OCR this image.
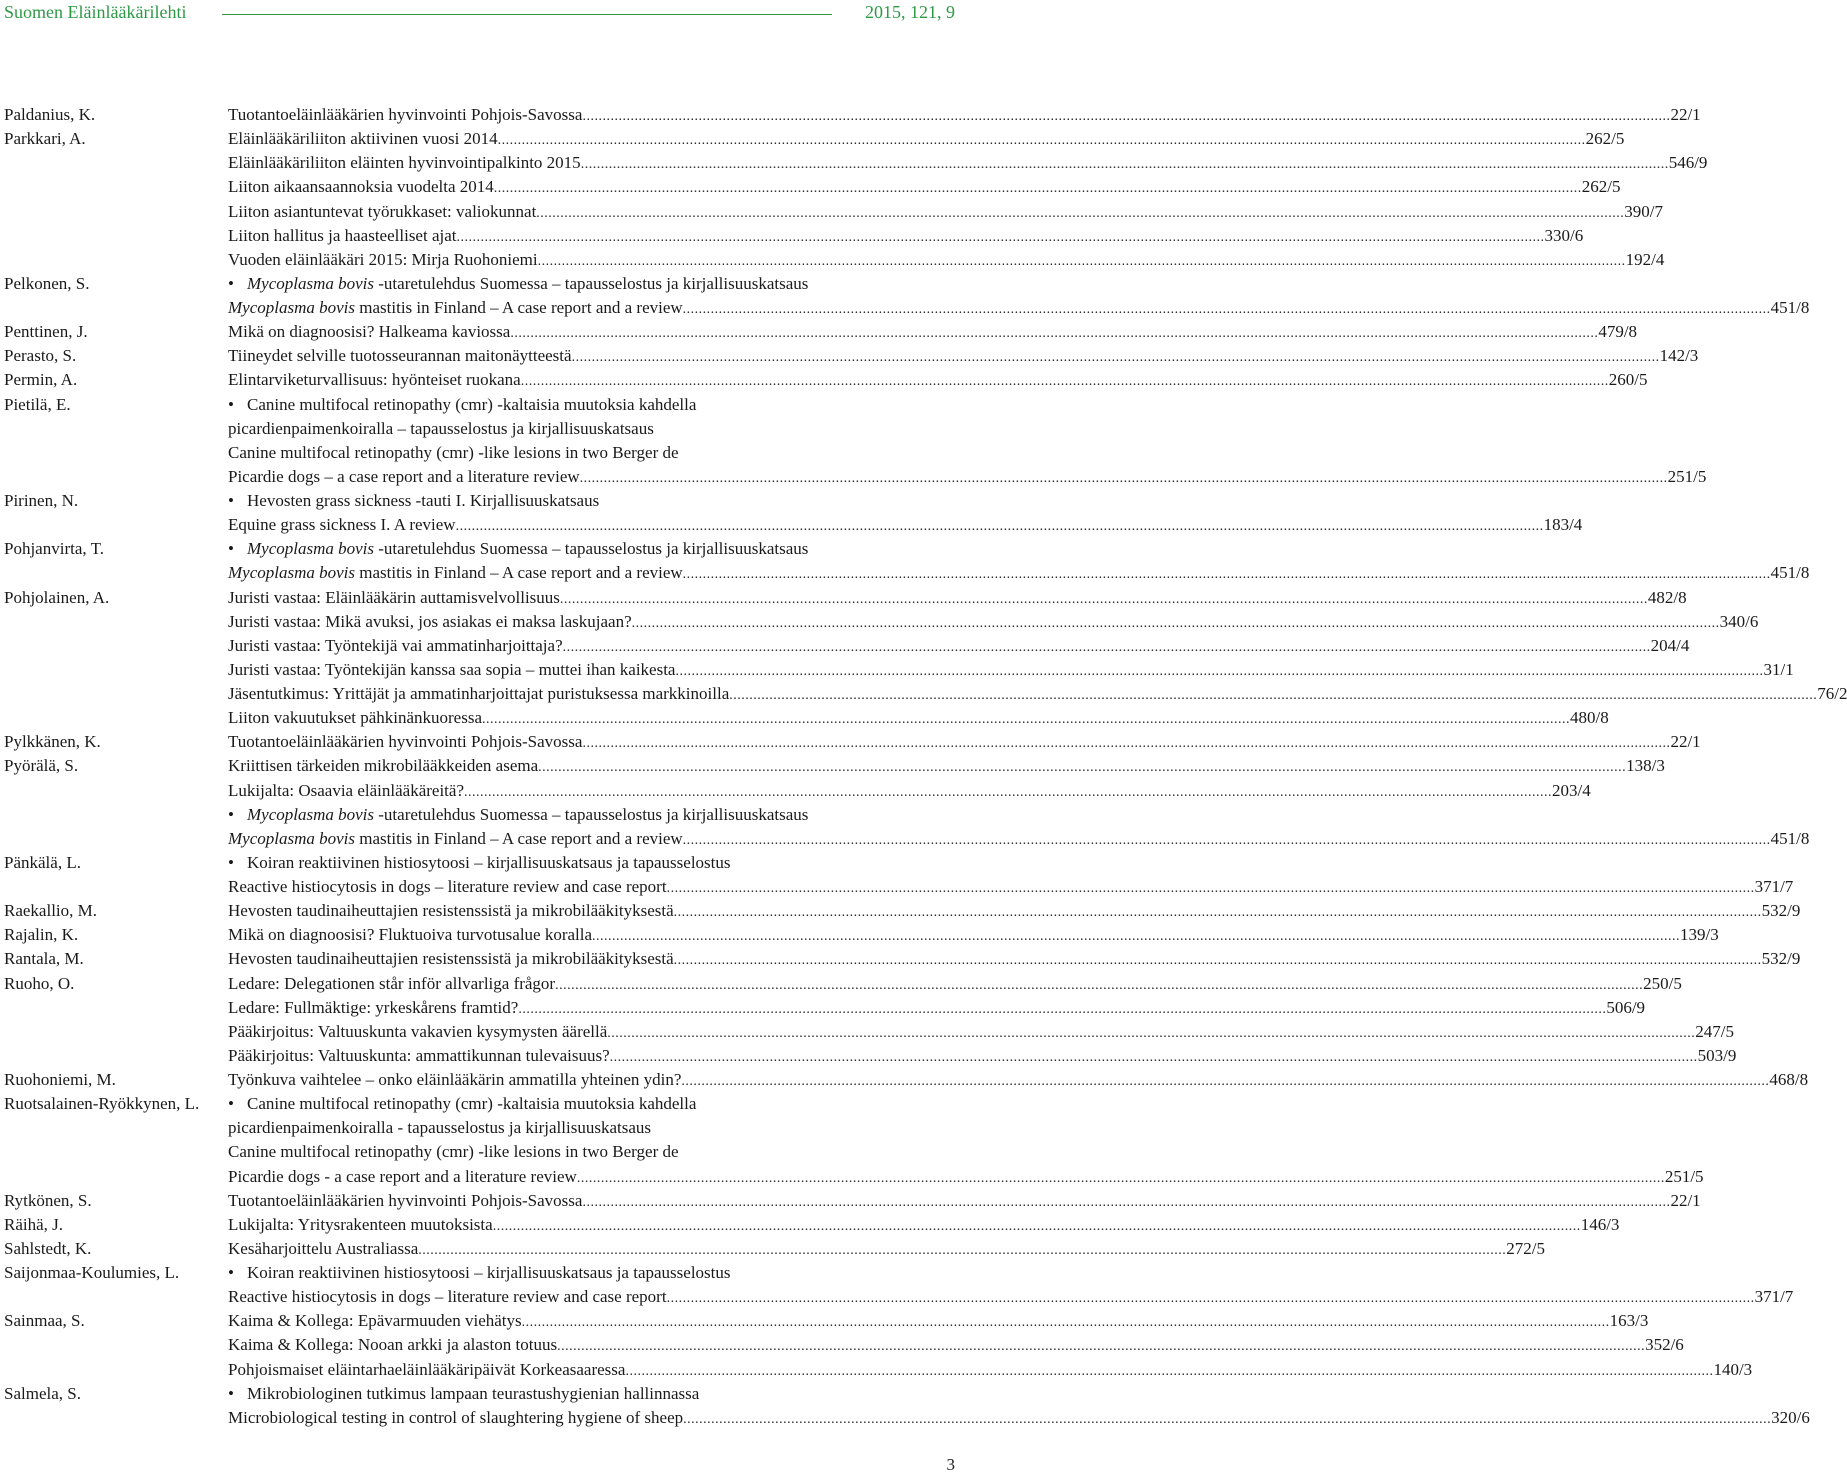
Suomen Eläinlääkärilehti	2015, 121, 9
Paldanius, K.	Tuotantoeläinlääkärien hyvinvointi Pohjois-Savossa .....	22/1
Parkkari, A.	Eläinlääkäriliiton aktiivinen vuosi 2014 .....	262/5
Eläinlääkäriliiton eläinten hyvinvointipalkinto 2015 .....	546/9
Liiton aikaansaannoksia vuodelta 2014 .....	262/5
Liiton asiantuntevat työrukkaset: valiokunnat .....	390/7
Liiton hallitus ja haasteelliset ajat .....	330/6
Vuoden eläinlääkäri 2015: Mirja Ruohoniemi .....	192/4
Pelkonen, S.	• Mycoplasma bovis -utaretulehdus Suomessa – tapausselostus ja kirjallisuuskatsaus
Mycoplasma bovis mastitis in Finland – A case report and a review .....	451/8
Penttinen, J.	Mikä on diagnoosisi? Halkeama kaviossa .....	479/8
Perasto, S.	Tiineydet selville tuotosseurannan maitonäytteestä .....	142/3
Permin, A.	Elintarviketurvallisuus: hyönteiset ruokana .....	260/5
Pietilä, E.	• Canine multifocal retinopathy (cmr) -kaltaisia muutoksia kahdella
picardienpaimenkoiralla – tapausselostus ja kirjallisuuskatsaus
Canine multifocal retinopathy (cmr) -like lesions in two Berger de
Picardie dogs – a case report and a literature review .....	251/5
Pirinen, N.	• Hevosten grass sickness -tauti I. Kirjallisuuskatsaus
Equine grass sickness I. A review .....	183/4
Pohjanvirta, T.	• Mycoplasma bovis -utaretulehdus Suomessa – tapausselostus ja kirjallisuuskatsaus
Mycoplasma bovis mastitis in Finland – A case report and a review .....	451/8
Pohjolainen, A.	Juristi vastaa: Eläinlääkärin auttamisvelvollisuus .....	482/8
Juristi vastaa: Mikä avuksi, jos asiakas ei maksa laskujaan? .....	340/6
Juristi vastaa: Työntekijä vai ammatinharjoittaja? .....	204/4
Juristi vastaa: Työntekijän kanssa saa sopia – muttei ihan kaikesta .....	31/1
Jäsentutkimus: Yrittäjät ja ammatinharjoittajat puristuksessa markkinoilla .....	76/2
Liiton vakuutukset pähkinänkuoressa .....	480/8
Pylkkänen, K.	Tuotantoeläinlääkärien hyvinvointi Pohjois-Savossa .....	22/1
Pyörälä, S.	Kriittisen tärkeiden mikrobilääkkeiden asema .....	138/3
Lukijalta: Osaavia eläinlääkäreitä? .....	203/4
• Mycoplasma bovis -utaretulehdus Suomessa – tapausselostus ja kirjallisuuskatsaus
Mycoplasma bovis mastitis in Finland – A case report and a review .....	451/8
Pänkälä, L.	• Koiran reaktiivinen histiosytoosi – kirjallisuuskatsaus ja tapausselostus
Reactive histiocytosis in dogs – literature review and case report .....	371/7
Raekallio, M.	Hevosten taudinaiheuttajien resistenssistä ja mikrobilääkityksestä .....	532/9
Rajalin, K.	Mikä on diagnoosisi? Fluktuoiva turvotusalue koralla .....	139/3
Rantala, M.	Hevosten taudinaiheuttajien resistenssistä ja mikrobilääkityksestä .....	532/9
Ruoho, O.	Ledare: Delegationen står inför allvarliga frågor .....	250/5
Ledare: Fullmäktige: yrkeskårens framtid? .....	506/9
Pääkirjoitus: Valtuuskunta vakavien kysymysten äärellä .....	247/5
Pääkirjoitus: Valtuuskunta: ammattikunnan tulevaisuus? .....	503/9
Ruohoniemi, M.	Työnkuva vaihtelee – onko eläinlääkärin ammatilla yhteinen ydin? .....	468/8
Ruotsalainen-Ryökkynen, L. • Canine multifocal retinopathy (cmr) -kaltaisia muutoksia kahdella
picardienpaimenkoiralla - tapausselostus ja kirjallisuuskatsaus
Canine multifocal retinopathy (cmr) -like lesions in two Berger de
Picardie dogs - a case report and a literature review .....	251/5
Rytkönen, S.	Tuotantoeläinlääkärien hyvinvointi Pohjois-Savossa .....	22/1
Räihä, J.	Lukijalta: Yritysrakenteen muutoksista .....	146/3
Sahlstedt, K.	Kesäharjoittelu Australiassa .....	272/5
Saijonmaa-Koulumies, L.	• Koiran reaktiivinen histiosytoosi – kirjallisuuskatsaus ja tapausselostus
Reactive histiocytosis in dogs – literature review and case report .....	371/7
Sainmaa, S.	Kaima & Kollega: Epävarmuuden viehätys .....	163/3
Kaima & Kollega: Nooan arkki ja alaston totuus .....	352/6
Pohjoismaiset eläintarhaeläinlääkäripäivät Korkeasaaressa .....	140/3
Salmela, S.	• Mikrobiologinen tutkimus lampaan teurastushygienian hallinnassa
Microbiological testing in control of slaughtering hygiene of sheep .....	320/6
3
